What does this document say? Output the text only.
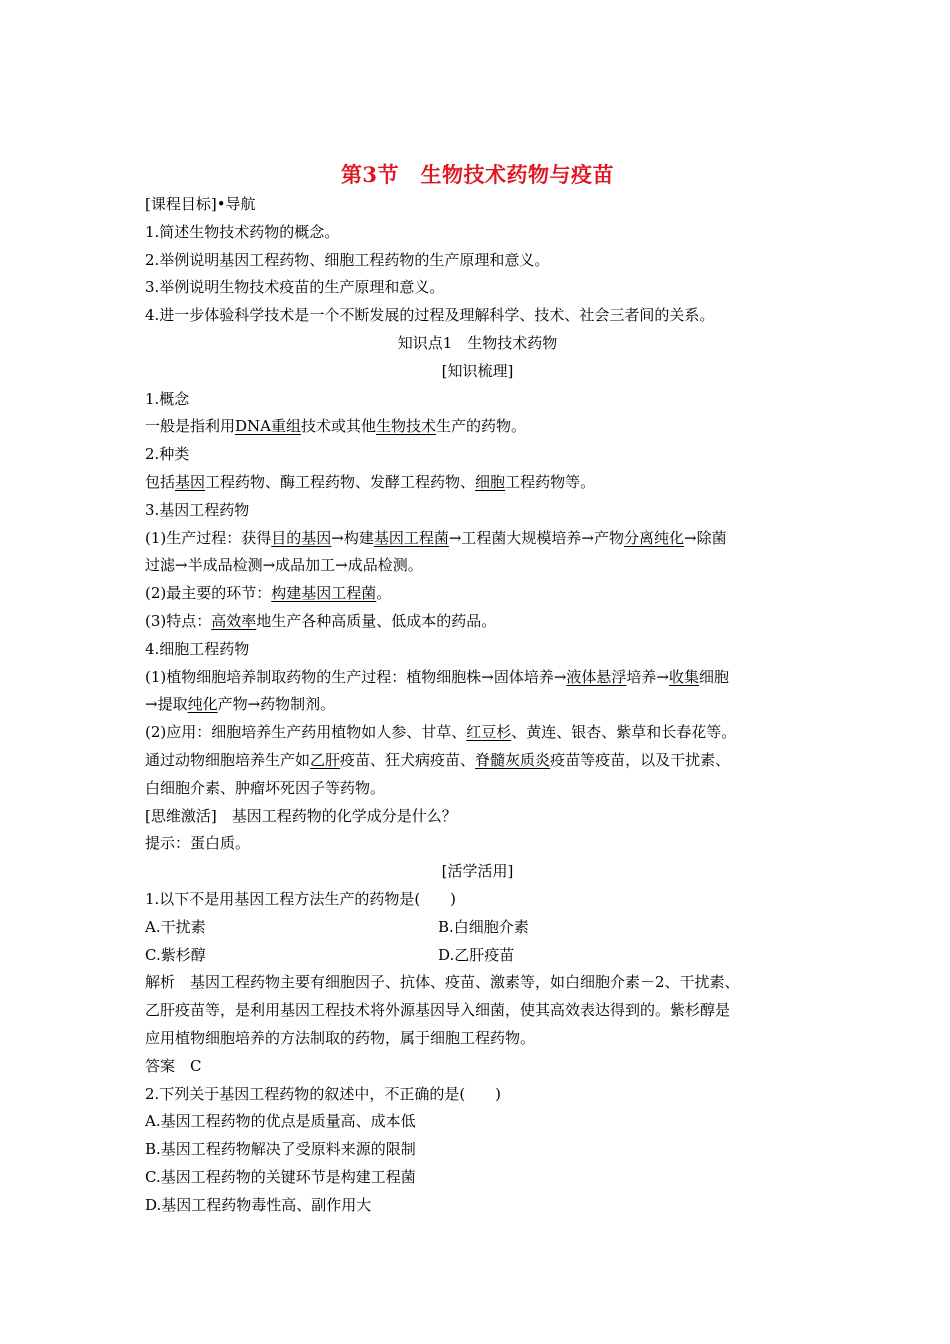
第3节　生物技术药物与疫苗
[课程目标]•导航
1.简述生物技术药物的概念。
2.举例说明基因工程药物、细胞工程药物的生产原理和意义。
3.举例说明生物技术疫苗的生产原理和意义。
4.进一步体验科学技术是一个不断发展的过程及理解科学、技术、社会三者间的关系。
知识点1　生物技术药物
[知识梳理]
1.概念
一般是指利用DNA重组技术或其他生物技术生产的药物。
2.种类
包括基因工程药物、酶工程药物、发酵工程药物、细胞工程药物等。
3.基因工程药物
(1)生产过程：获得目的基因→构建基因工程菌→工程菌大规模培养→产物分离纯化→除菌
过滤→半成品检测→成品加工→成品检测。
(2)最主要的环节：构建基因工程菌。
(3)特点：高效率地生产各种高质量、低成本的药品。
4.细胞工程药物
(1)植物细胞培养制取药物的生产过程：植物细胞株→固体培养→液体悬浮培养→收集细胞
→提取纯化产物→药物制剂。
(2)应用：细胞培养生产药用植物如人参、甘草、红豆杉、黄连、银杏、紫草和长春花等。
通过动物细胞培养生产如乙肝疫苗、狂犬病疫苗、脊髓灰质炎疫苗等疫苗，以及干扰素、
白细胞介素、肿瘤坏死因子等药物。
[思维激活]　基因工程药物的化学成分是什么？
提示：蛋白质。
[活学活用]
1.以下不是用基因工程方法生产的药物是(　　)
A.干扰素	B.白细胞介素
C.紫杉醇	D.乙肝疫苗
解析　基因工程药物主要有细胞因子、抗体、疫苗、激素等，如白细胞介素－2、干扰素、
乙肝疫苗等，是利用基因工程技术将外源基因导入细菌，使其高效表达得到的。紫杉醇是
应用植物细胞培养的方法制取的药物，属于细胞工程药物。
答案　C
2.下列关于基因工程药物的叙述中，不正确的是(　　)
A.基因工程药物的优点是质量高、成本低
B.基因工程药物解决了受原料来源的限制
C.基因工程药物的关键环节是构建工程菌
D.基因工程药物毒性高、副作用大
